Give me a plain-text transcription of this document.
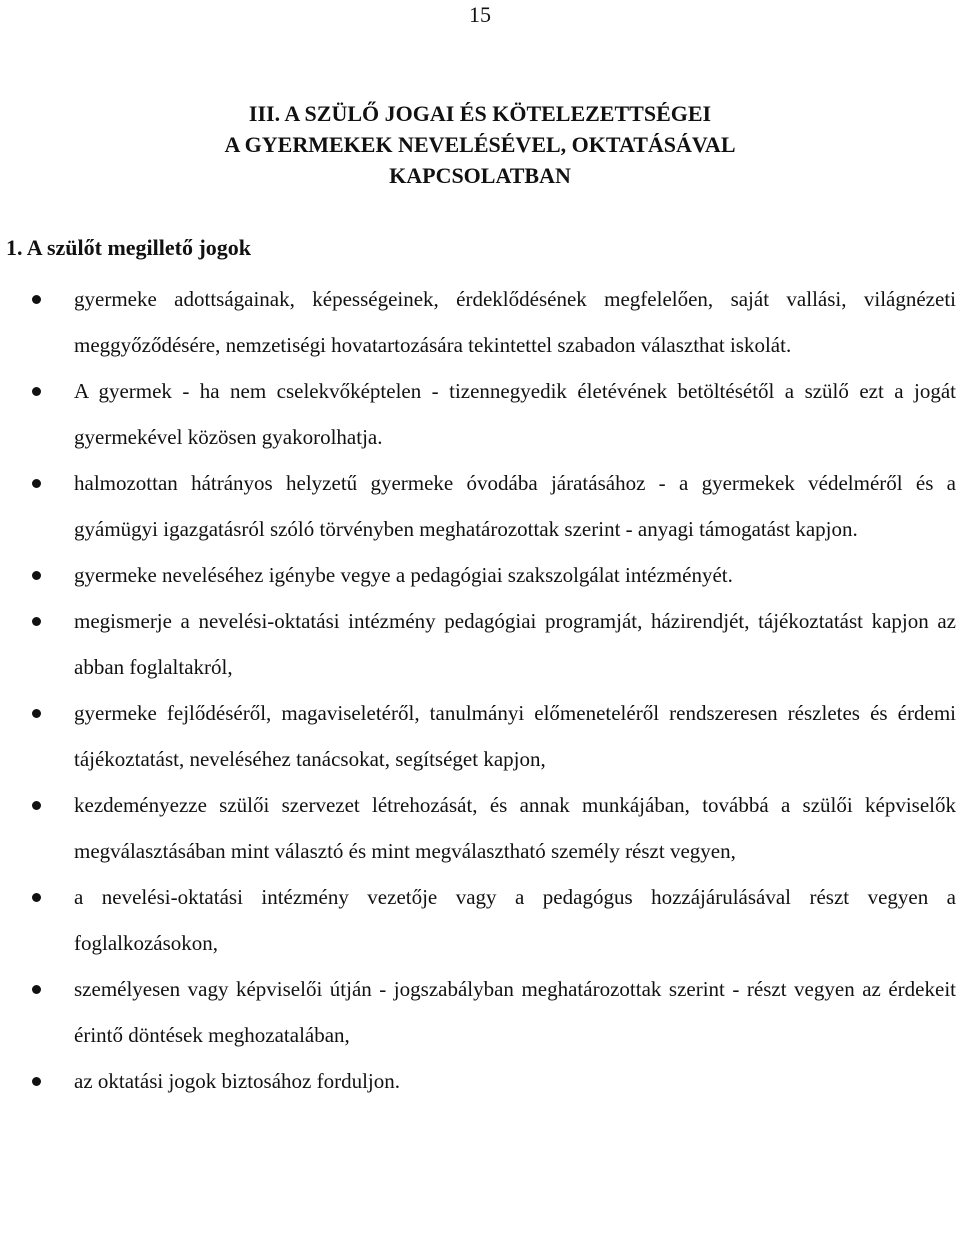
15
III. A SZÜLŐ JOGAI ÉS KÖTELEZETTSÉGEI
A GYERMEKEK NEVELÉSÉVEL, OKTATÁSÁVAL
KAPCSOLATBAN
1. A szülőt megillető jogok
gyermeke adottságainak, képességeinek, érdeklődésének megfelelően, saját vallási, világnézeti meggyőződésére, nemzetiségi hovatartozására tekintettel szabadon választhat iskolát.
A gyermek - ha nem cselekvőképtelen - tizennegyedik életévének betöltésétől a szülő ezt a jogát gyermekével közösen gyakorolhatja.
halmozottan hátrányos helyzetű gyermeke óvodába járatásához - a gyermekek védelméről és a gyámügyi igazgatásról szóló törvényben meghatározottak szerint - anyagi támogatást kapjon.
gyermeke neveléséhez igénybe vegye a pedagógiai szakszolgálat intézményét.
megismerje a nevelési-oktatási intézmény pedagógiai programját, házirendjét, tájékoztatást kapjon az abban foglaltakról,
gyermeke fejlődéséről, magaviseletéről, tanulmányi előmeneteléről rendszeresen részletes és érdemi tájékoztatást, neveléséhez tanácsokat, segítséget kapjon,
kezdeményezze szülői szervezet létrehozását, és annak munkájában, továbbá a szülői képviselők megválasztásában mint választó és mint megválasztható személy részt vegyen,
a nevelési-oktatási intézmény vezetője vagy a pedagógus hozzájárulásával részt vegyen a foglalkozásokon,
személyesen vagy képviselői útján - jogszabályban meghatározottak szerint - részt vegyen az érdekeit érintő döntések meghozatalában,
az oktatási jogok biztosához forduljon.
